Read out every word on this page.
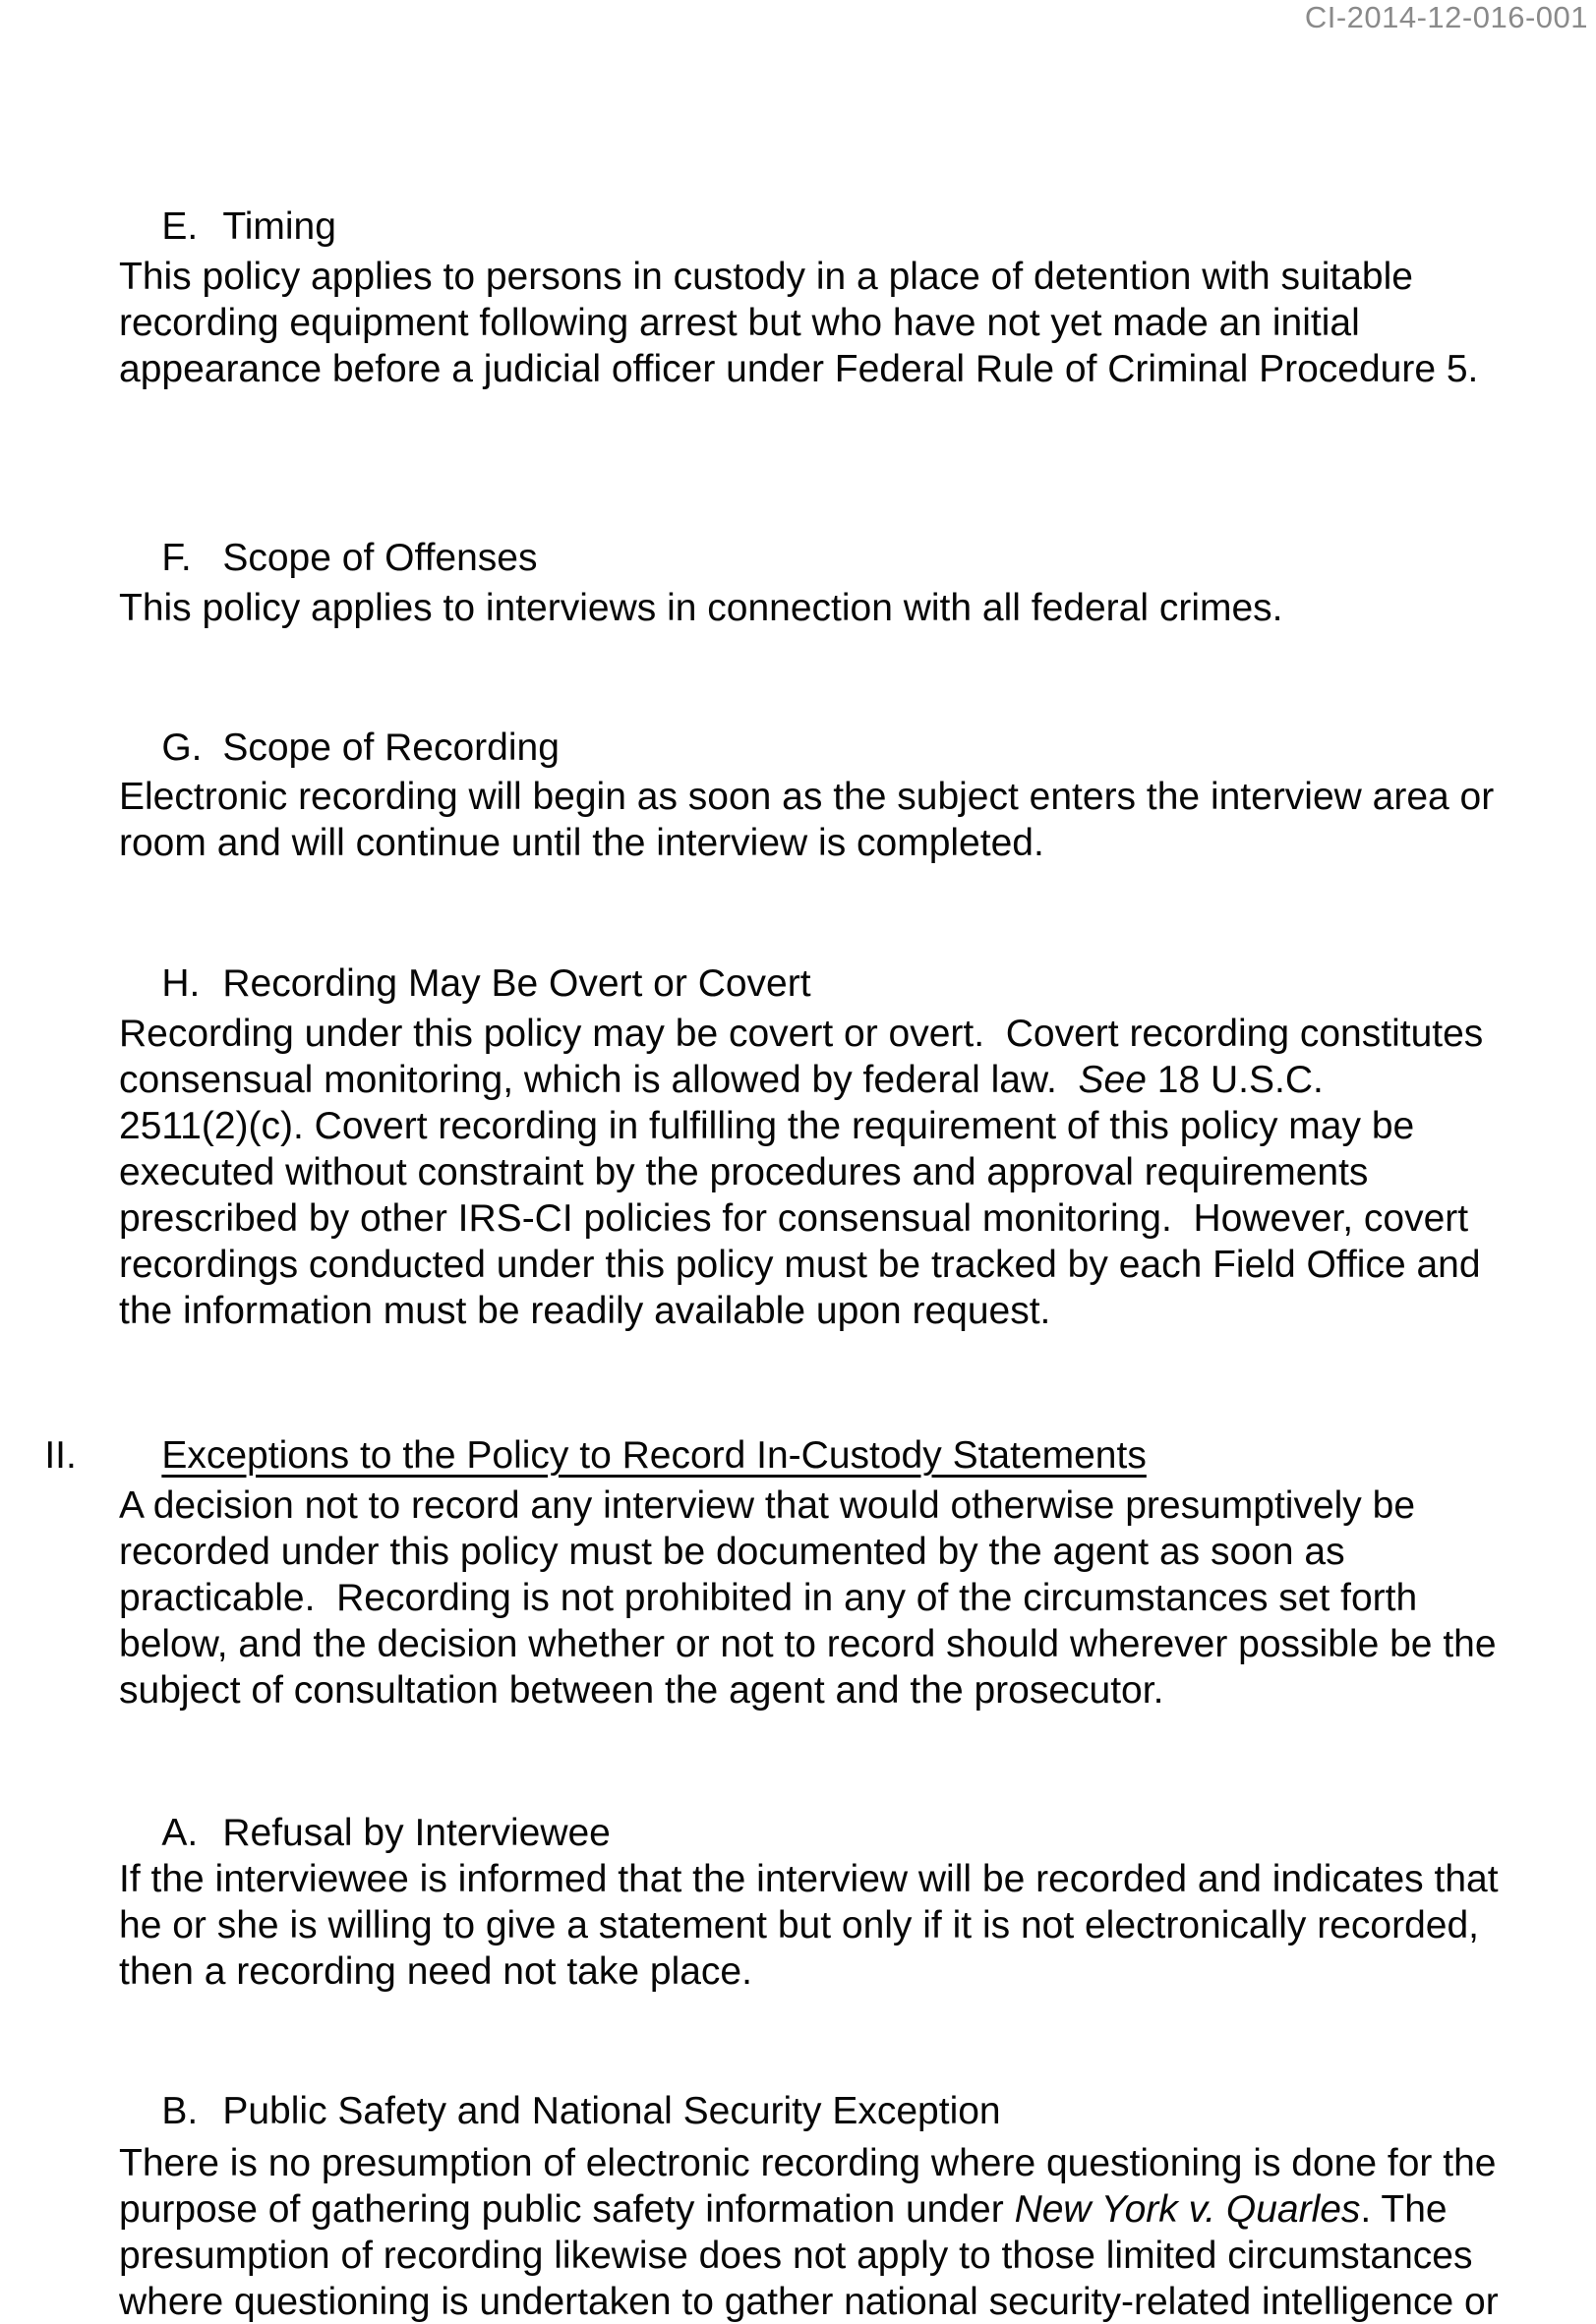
CI-2014-12-016-001

E. Timing

This policy applies to persons in custody in a place of detention with suitable
recording equipment following arrest but who have not yet made an initial
appearance before a judicial officer under Federal Rule of Criminal Procedure 5.

F. Scope of Offenses

This policy applies to interviews in connection with all federal crimes.

G. Scope of Recording

Electronic recording will begin as soon as the subject enters the interview area or
room and will continue until the interview is completed.

H. Recording May Be Overt or Covert

Recording under this policy may be covert or overt.  Covert recording constitutes
consensual monitoring, which is allowed by federal law.  See 18 U.S.C.
2511(2)(c). Covert recording in fulfilling the requirement of this policy may be
executed without constraint by the procedures and approval requirements
prescribed by other IRS-CI policies for consensual monitoring.  However, covert
recordings conducted under this policy must be tracked by each Field Office and
the information must be readily available upon request.

II. Exceptions to the Policy to Record In-Custody Statements

A decision not to record any interview that would otherwise presumptively be
recorded under this policy must be documented by the agent as soon as
practicable.  Recording is not prohibited in any of the circumstances set forth
below, and the decision whether or not to record should wherever possible be the
subject of consultation between the agent and the prosecutor.

A. Refusal by Interviewee

If the interviewee is informed that the interview will be recorded and indicates that
he or she is willing to give a statement but only if it is not electronically recorded,
then a recording need not take place.

B. Public Safety and National Security Exception

There is no presumption of electronic recording where questioning is done for the
purpose of gathering public safety information under New York v. Quarles. The
presumption of recording likewise does not apply to those limited circumstances
where questioning is undertaken to gather national security-related intelligence or
